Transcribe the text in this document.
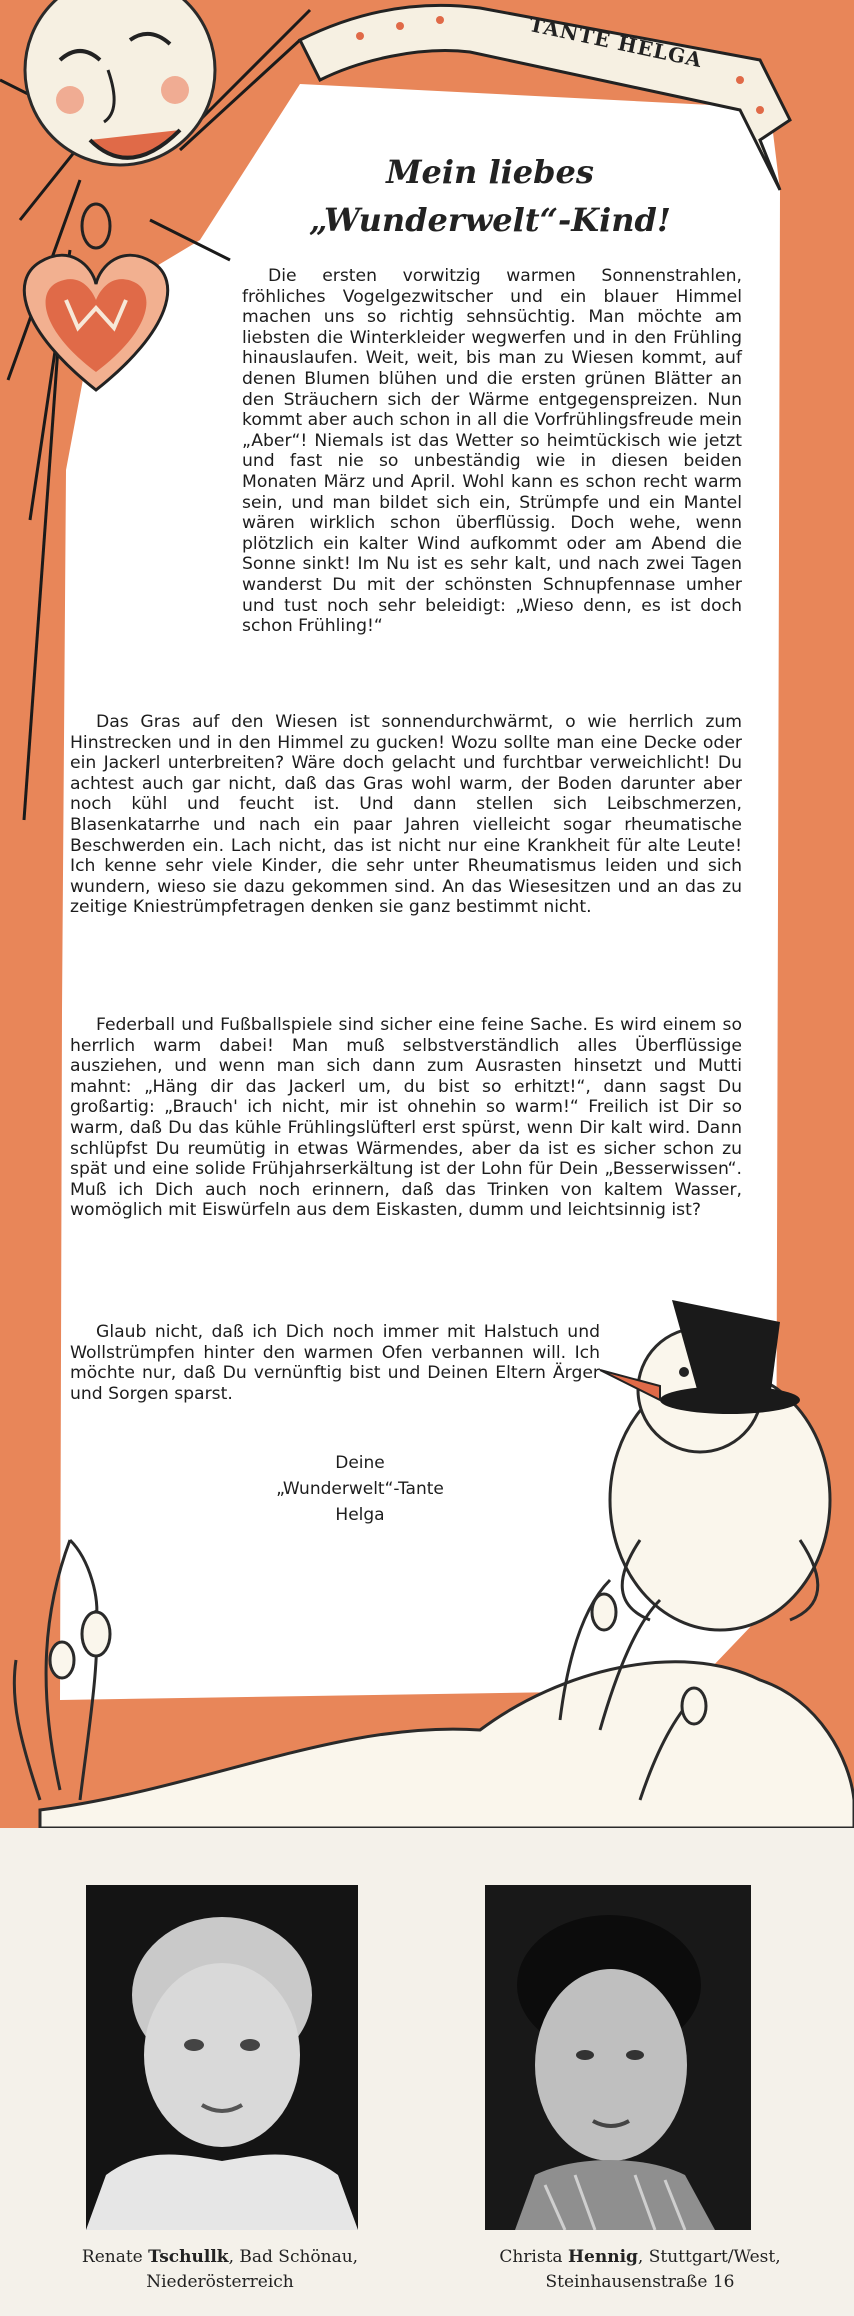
TANTE HELGA
Mein liebes
„Wunderwelt“-Kind!

Die ersten vorwitzig warmen Sonnenstrahlen, fröhliches Vogelgezwitscher und ein blauer Himmel machen uns so richtig sehnsüchtig. Man möchte am liebsten die Winterkleider wegwerfen und in den Frühling hinauslaufen. Weit, weit, bis man zu Wiesen kommt, auf denen Blumen blühen und die ersten grünen Blätter an den Sträuchern sich der Wärme entgegenspreizen. Nun kommt aber auch schon in all die Vorfrühlingsfreude mein „Aber“! Niemals ist das Wetter so heimtückisch wie jetzt und fast nie so unbeständig wie in diesen beiden Monaten März und April. Wohl kann es schon recht warm sein, und man bildet sich ein, Strümpfe und ein Mantel wären wirklich schon überflüssig. Doch wehe, wenn plötzlich ein kalter Wind aufkommt oder am Abend die Sonne sinkt! Im Nu ist es sehr kalt, und nach zwei Tagen wanderst Du mit der schönsten Schnupfennase umher und tust noch sehr beleidigt: „Wieso denn, es ist doch schon Frühling!“

Das Gras auf den Wiesen ist sonnendurchwärmt, o wie herrlich zum Hinstrecken und in den Himmel zu gucken! Wozu sollte man eine Decke oder ein Jackerl unterbreiten? Wäre doch gelacht und furchtbar verweichlicht! Du achtest auch gar nicht, daß das Gras wohl warm, der Boden darunter aber noch kühl und feucht ist. Und dann stellen sich Leibschmerzen, Blasenkatarrhe und nach ein paar Jahren vielleicht sogar rheumatische Beschwerden ein. Lach nicht, das ist nicht nur eine Krankheit für alte Leute! Ich kenne sehr viele Kinder, die sehr unter Rheumatismus leiden und sich wundern, wieso sie dazu gekommen sind. An das Wiesesitzen und an das zu zeitige Kniestrümpfetragen denken sie ganz bestimmt nicht.

Federball und Fußballspiele sind sicher eine feine Sache. Es wird einem so herrlich warm dabei! Man muß selbstverständlich alles Überflüssige ausziehen, und wenn man sich dann zum Ausrasten hinsetzt und Mutti mahnt: „Häng dir das Jackerl um, du bist so erhitzt!“, dann sagst Du großartig: „Brauch' ich nicht, mir ist ohnehin so warm!“ Freilich ist Dir so warm, daß Du das kühle Frühlingslüfterl erst spürst, wenn Dir kalt wird. Dann schlüpfst Du reumütig in etwas Wärmendes, aber da ist es sicher schon zu spät und eine solide Frühjahrserkältung ist der Lohn für Dein „Besserwissen“. Muß ich Dich auch noch erinnern, daß das Trinken von kaltem Wasser, womöglich mit Eiswürfeln aus dem Eiskasten, dumm und leichtsinnig ist?

Glaub nicht, daß ich Dich noch immer mit Halstuch und Wollstrümpfen hinter den warmen Ofen verbannen will. Ich möchte nur, daß Du vernünftig bist und Deinen Eltern Ärger und Sorgen sparst.

Deine
„Wunderwelt“-Tante
Helga
Renate Tschullk, Bad Schönau,
Niederösterreich
Christa Hennig, Stuttgart/West,
Steinhausenstraße 16
